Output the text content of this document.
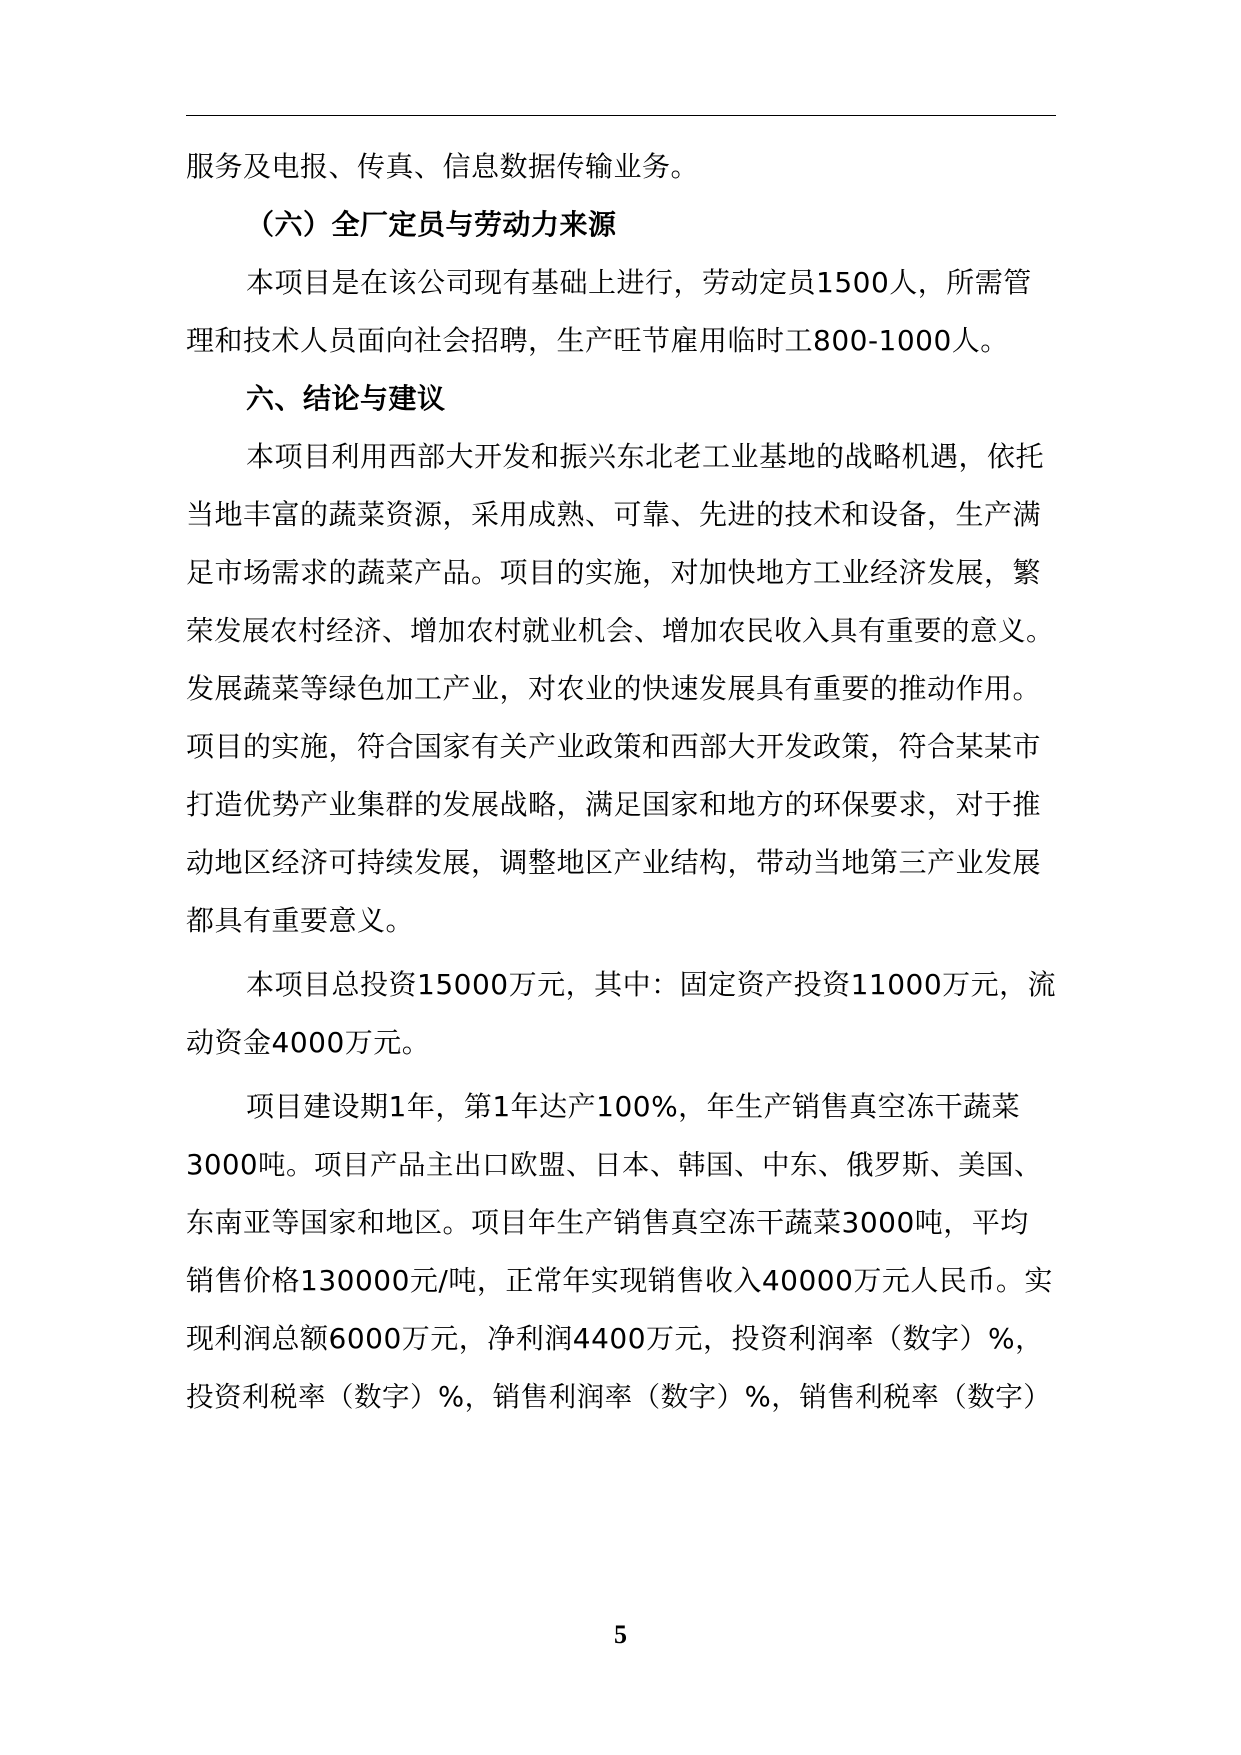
服务及电报、传真、信息数据传输业务。
（六）全厂定员与劳动力来源
本项目是在该公司现有基础上进行，劳动定员1500人，所需管
理和技术人员面向社会招聘，生产旺节雇用临时工800-1000人。
六、结论与建议
本项目利用西部大开发和振兴东北老工业基地的战略机遇，依托
当地丰富的蔬菜资源，采用成熟、可靠、先进的技术和设备，生产满
足市场需求的蔬菜产品。项目的实施，对加快地方工业经济发展，繁
荣发展农村经济、增加农村就业机会、增加农民收入具有重要的意义。
发展蔬菜等绿色加工产业，对农业的快速发展具有重要的推动作用。
项目的实施，符合国家有关产业政策和西部大开发政策，符合某某市
打造优势产业集群的发展战略，满足国家和地方的环保要求，对于推
动地区经济可持续发展，调整地区产业结构，带动当地第三产业发展
都具有重要意义。
本项目总投资15000万元，其中：固定资产投资11000万元，流
动资金4000万元。
项目建设期1年，第1年达产100%，年生产销售真空冻干蔬菜
3000吨。项目产品主出口欧盟、日本、韩国、中东、俄罗斯、美国、
东南亚等国家和地区。项目年生产销售真空冻干蔬菜3000吨，平均
销售价格130000元/吨，正常年实现销售收入40000万元人民币。实
现利润总额6000万元，净利润4400万元，投资利润率（数字）%，
投资利税率（数字）%，销售利润率（数字）%，销售利税率（数字）
5
